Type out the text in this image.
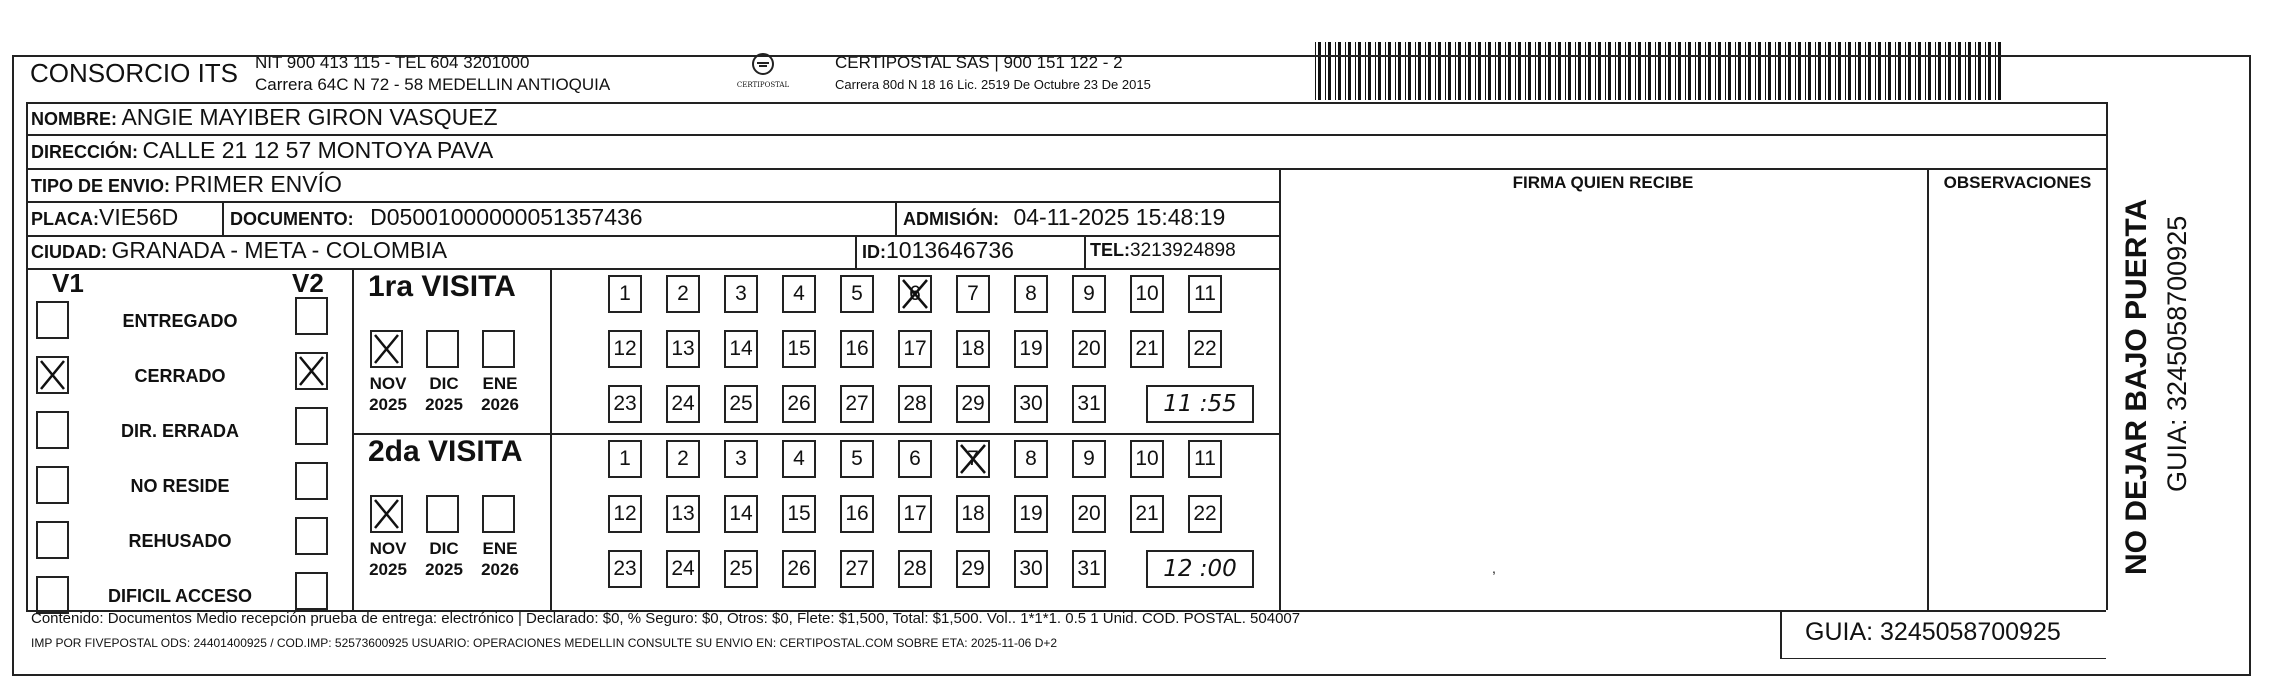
CONSORCIO ITS NIT 900 413 115 - TEL 604 3201000
Carrera 64C N 72 - 58 MEDELLIN ANTIOQUIA	CERTIPOSTAL
CERTIPOSTAL SAS | 900 151 122 - 2
Carrera 80d N 18 16 Lic. 2519 De Octubre 23 De 2015
NOMBRE: ANGIE MAYIBER GIRON VASQUEZ
DIRECCIÓN: CALLE 21 12 57 MONTOYA PAVA
TIPO DE ENVIO: PRIMER ENVÍO	FIRMA QUIEN RECIBE	OBSERVACIONES
PLACA:VIE56D	DOCUMENTO: D05001000000051357436	ADMISIÓN: 04-11-2025 15:48:19
CIUDAD: GRANADA - META - COLOMBIA	ID:1013646736	TEL:3213924898
V1	V2
ENTREGADO
CERRADO
DIR. ERRADA
NO RESIDE
REHUSADO
DIFICIL ACCESO
1ra VISITA
NOV
2025
DIC
2025
ENE
2026
1	2	3	4	5	6	7	8	9	10 11
12 13 14 15 16 17 18 19 20 21 22
23 24 25 26 27 28 29 30 31	11 :55
2da VISITA
NOV
2025
DIC
2025
ENE
2026
1	2	3	4	5	6	7	8	9	10 11
12 13 14 15 16 17 18 19 20 21 22
23 24 25 26 27 28 29 30 31	12 :00	,
Contenido: Documentos Medio recepción prueba de entrega: electrónico | Declarado: $0, % Seguro: $0, Otros: $0, Flete: $1,500, Total: $1,500. Vol.. 1*1*1. 0.5 1 Unid. COD. POSTAL. 504007
IMP POR FIVEPOSTAL ODS: 24401400925 / COD.IMP: 52573600925 USUARIO: OPERACIONES MEDELLIN CONSULTE SU ENVIO EN: CERTIPOSTAL.COM SOBRE ETA: 2025-11-06 D+2	GUIA: 3245058700925
NO DEJAR BAJO PUERTA GUIA: 3245058700925
